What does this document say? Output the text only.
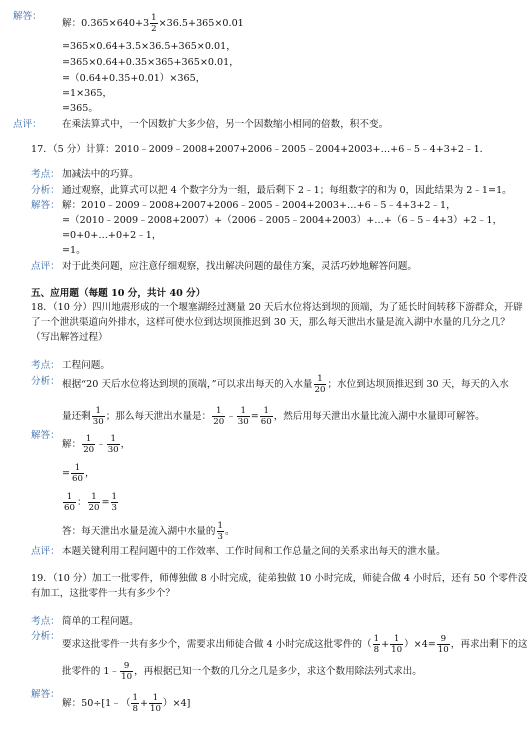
解答：
解：$0.365\times 640+3 \frac{1}{2} \times 36.5+365\times 0.01$
=365×0.64+3.5×36.5+365×0.01，
=365×0.64+0.35×365+365×0.01，
=（0.64+0.35+0.01）×365，
=1×365，
=365。
点评： 在乘法算式中，一个因数扩大多少倍，另一个因数缩小相同的倍数，积不变。
17．（5 分）计算：2010﹣2009﹣2008+2007+2006﹣2005﹣2004+2003+…+6﹣5﹣4+3+2﹣1．
考点： 加减法中的巧算。
分析： 通过观察，此算式可以把 4 个数字分为一组，最后剩下 2﹣1；每组数字的和为 0，因此结果为 2﹣1=1。
解答： 解：2010﹣2009﹣2008+2007+2006﹣2005﹣2004+2003+…+6﹣5﹣4+3+2﹣1，
=（2010﹣2009﹣2008+2007）+（2006﹣2005﹣2004+2003）+…+（6﹣5﹣4+3）+2﹣1，
=0+0+…+0+2﹣1，
=1。
点评： 对于此类问题，应注意仔细观察，找出解决问题的最佳方案，灵活巧妙地解答问题。
五、应用题（每题 10 分，共计 40 分）
18．（10 分）四川地震形成的一个堰塞湖经过测量 20 天后水位将达到坝的顶端，为了延长时间转移下游群众，开辟
了一个泄洪渠道向外排水，这样可使水位到达坝顶推迟到 30 天，那么每天泄出水量是流入湖中水量的几分之几？
（写出解答过程）
考点： 工程问题。
分析： 根据“20 天后水位将达到坝的顶端，”可以求出每天的入水量 $\frac{1}{20}$ ；水位到达坝顶推迟到 30 天，每天的入水
量还剩 $\frac{1}{30}$ ；那么每天泄出水量是： $\frac{1}{20}$ ﹣ $\frac{1}{30} = \frac{1}{60}$ ，然后用每天泄出水量比流入湖中水量即可解答。
解答：
解： $\frac{1}{20}$ ﹣ $\frac{1}{30}$ ，
= $\frac{1}{60}$ ，
$\frac{1}{60}$ ： $\frac{1}{20} = \frac{1}{3}$
答：每天泄出水量是流入湖中水量的 $\frac{1}{3}$ 。
点评： 本题关键利用工程问题中的工作效率、工作时间和工作总量之间的关系求出每天的泄水量。
19．（10 分）加工一批零件，师傅独做 8 小时完成，徒弟独做 10 小时完成，师徒合做 4 小时后，还有 50 个零件没
有加工，这批零件一共有多少个？
考点： 简单的工程问题。
分析：
要求这批零件一共有多少个，需要求出师徒合做 4 小时完成这批零件的（ $\frac{1}{8} + \frac{1}{10} )\times 4= \frac{9}{10}$ ，再求出剩下的这
批零件的 1﹣ $\frac{9}{10}$ ，再根据已知一个数的几分之几是多少，求这个数用除法列式求出。
解答：
解：50÷[1﹣（ $\frac{1}{8} + \frac{1}{10} )\times 4$]
